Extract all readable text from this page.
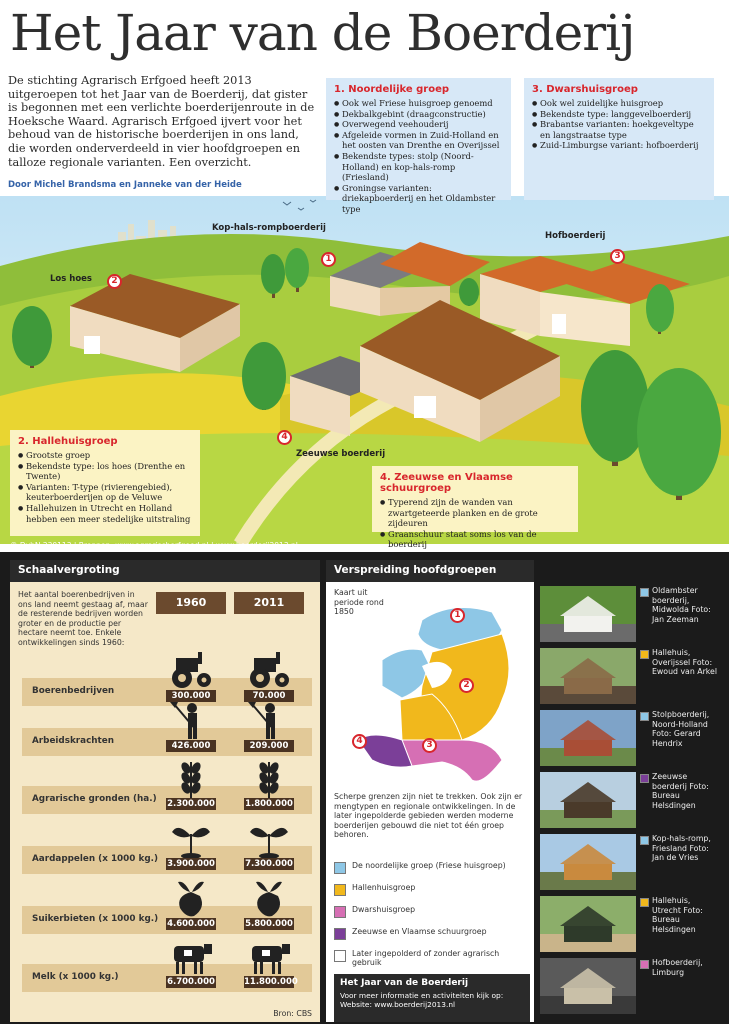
Het Jaar van de Boerderij
De stichting Agrarisch Erfgoed heeft 2013 uitgeroepen tot het Jaar van de Boerderij, dat gister is begonnen met een verlichte boerderijenroute in de Hoeksche Waard. Agrarisch Erfgoed ijvert voor het behoud van de historische boerderijen in ons land, die worden onderverdeeld in vier hoofdgroepen en talloze regionale varianten. Een overzicht.
Door Michel Brandsma en Janneke van der Heide
Kop-hals-rompboerderij
1
Los hoes	2
Hofboerderij
3
4
Zeeuwse boerderij
1. Noordelijke groep
● Ook wel Friese huisgroep genoemd
● Dekbalkgebint (draagconstructie)
● Overwegend veehouderij
● Afgeleide vormen in Zuid-Holland en het oosten van Drenthe en Overijssel
● Bekendste types: stolp (Noord-Holland) en kop-hals-romp (Friesland)
● Groningse varianten: driekapboerderij en het Oldambster type
3. Dwarshuisgroep
● Ook wel zuidelijke huisgroep
● Bekendste type: langgevelboerderij
● Brabantse varianten: hoekgeveltype en langstraatse type
● Zuid-Limburgse variant: hofboerderij
2. Hallehuisgroep
● Grootste groep
● Bekendste type: los hoes (Drenthe en Twente)
● Varianten: T-type (rivierengebied), keuterboerderijen op de Veluwe
● Hallehuizen in Utrecht en Holland hebben een meer stedelijke uitstraling
4. Zeeuwse en Vlaamse schuurgroep
● Typerend zijn de wanden van zwartgeteerde planken en de grote zijdeuren
● Graanschuur staat soms los van de boerderij
© DvhN 230113 | Bronnen: www.agrarischerfgoed.nl | www.boerderij2013.nl
Schaalvergroting
Het aantal boerenbedrijven in ons land neemt gestaag af, maar de resterende bedrijven worden groter en de productie per hectare neemt toe. Enkele ontwikkelingen sinds 1960:
1960	2011
Boerenbedrijven	300.000	70.000
Arbeidskrachten	426.000	209.000
Agrarische gronden (ha.) 2.300.000	1.800.000
Aardappelen (x 1000 kg.) 3.900.000	7.300.000
Suikerbieten (x 1000 kg.) 4.600.000	5.800.000
Melk (x 1000 kg.)	6.700.000	11.800.000
Bron: CBS
Verspreiding hoofdgroepen
Kaart uit periode rond 1850	1
2
3
4
Scherpe grenzen zijn niet te trekken. Ook zijn er mengtypen en regionale ontwikkelingen. In de later ingepolderde gebieden werden moderne boerderijen gebouwd die niet tot één groep behoren.
De noordelijke groep (Friese huisgroep)
Hallenhuisgroep
Dwarshuisgroep
Zeeuwse en Vlaamse schuurgroep
Later ingepolderd of zonder agrarisch gebruik
Het Jaar van de Boerderij
Voor meer informatie en activiteiten kijk op:
Website: www.boerderij2013.nl
Oldambster boerderij, Midwolda Foto: Jan Zeeman
Hallehuis, Overijssel Foto: Ewoud van Arkel
Stolpboerderij, Noord-Holland Foto: Gerard Hendrix
Zeeuwse boerderij Foto: Bureau Helsdingen
Kop-hals-romp, Friesland Foto: Jan de Vries
Hallehuis, Utrecht Foto: Bureau Helsdingen
Hofboerderij, Limburg
